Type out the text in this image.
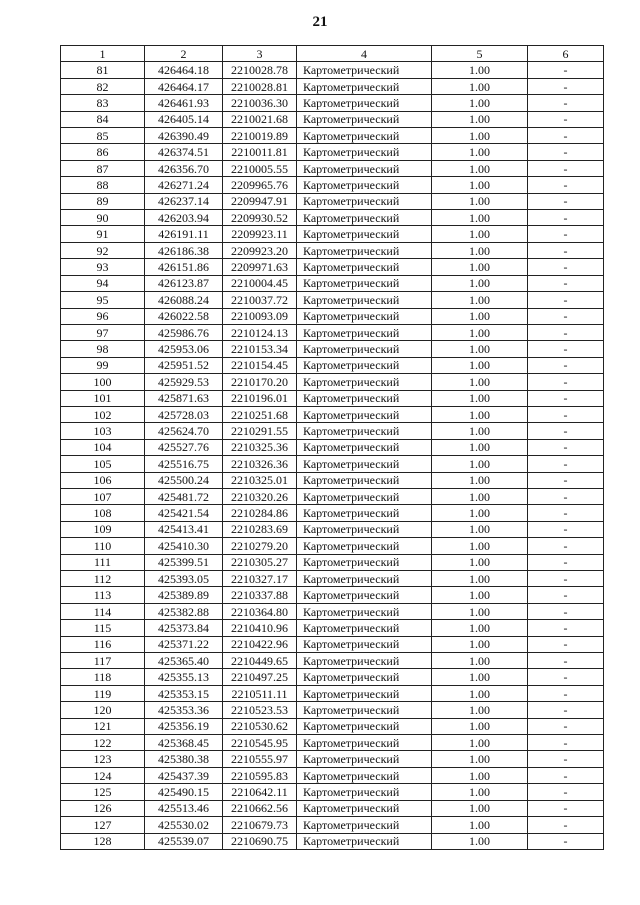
21
1	2	3	4	5	6
81	426464.18	2210028.78	Картометрический	1.00	-
82	426464.17	2210028.81	Картометрический	1.00	-
83	426461.93	2210036.30	Картометрический	1.00	-
84	426405.14	2210021.68	Картометрический	1.00	-
85	426390.49	2210019.89	Картометрический	1.00	-
86	426374.51	2210011.81	Картометрический	1.00	-
87	426356.70	2210005.55	Картометрический	1.00	-
88	426271.24	2209965.76	Картометрический	1.00	-
89	426237.14	2209947.91	Картометрический	1.00	-
90	426203.94	2209930.52	Картометрический	1.00	-
91	426191.11	2209923.11	Картометрический	1.00	-
92	426186.38	2209923.20	Картометрический	1.00	-
93	426151.86	2209971.63	Картометрический	1.00	-
94	426123.87	2210004.45	Картометрический	1.00	-
95	426088.24	2210037.72	Картометрический	1.00	-
96	426022.58	2210093.09	Картометрический	1.00	-
97	425986.76	2210124.13	Картометрический	1.00	-
98	425953.06	2210153.34	Картометрический	1.00	-
99	425951.52	2210154.45	Картометрический	1.00	-
100	425929.53	2210170.20	Картометрический	1.00	-
101	425871.63	2210196.01	Картометрический	1.00	-
102	425728.03	2210251.68	Картометрический	1.00	-
103	425624.70	2210291.55	Картометрический	1.00	-
104	425527.76	2210325.36	Картометрический	1.00	-
105	425516.75	2210326.36	Картометрический	1.00	-
106	425500.24	2210325.01	Картометрический	1.00	-
107	425481.72	2210320.26	Картометрический	1.00	-
108	425421.54	2210284.86	Картометрический	1.00	-
109	425413.41	2210283.69	Картометрический	1.00	-
110	425410.30	2210279.20	Картометрический	1.00	-
111	425399.51	2210305.27	Картометрический	1.00	-
112	425393.05	2210327.17	Картометрический	1.00	-
113	425389.89	2210337.88	Картометрический	1.00	-
114	425382.88	2210364.80	Картометрический	1.00	-
115	425373.84	2210410.96	Картометрический	1.00	-
116	425371.22	2210422.96	Картометрический	1.00	-
117	425365.40	2210449.65	Картометрический	1.00	-
118	425355.13	2210497.25	Картометрический	1.00	-
119	425353.15	2210511.11	Картометрический	1.00	-
120	425353.36	2210523.53	Картометрический	1.00	-
121	425356.19	2210530.62	Картометрический	1.00	-
122	425368.45	2210545.95	Картометрический	1.00	-
123	425380.38	2210555.97	Картометрический	1.00	-
124	425437.39	2210595.83	Картометрический	1.00	-
125	425490.15	2210642.11	Картометрический	1.00	-
126	425513.46	2210662.56	Картометрический	1.00	-
127	425530.02	2210679.73	Картометрический	1.00	-
128	425539.07	2210690.75	Картометрический	1.00	-
